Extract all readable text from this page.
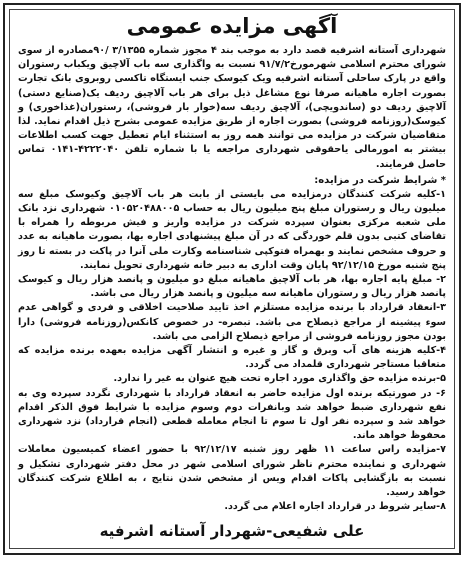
آگهی مزایده عمومی

شهرداری آستانه اشرفیه قصد دارد به موجب بند ۴ مجوز شماره ۳/۱۳۵۵ /۹۰مصادره از سوی شورای محترم اسلامی شهرمورخ۹۱/۷/۲ نسبت به واگذاری سه باب آلاچیق ویکباب رستوران واقع در پارک ساحلی آستانه اشرفیه ویک کیوسک جنب ایستگاه تاکسی روبروی بانک تجارت بصورت اجاره ماهیانه صرفا نوع مشاغل ذیل برای هر باب آلاچیق ردیف یک(صنایع دستی) آلاچیق ردیف دو (ساندویچی)، آلاچیق ردیف سه(خوار بار فروشی)، رستوران(غذاخوری) و کیوسک(روزنامه فروشی) بصورت اجاره از طریق مزایده عمومی بشرح ذیل اقدام نماید. لذا متقاضیان شرکت در مزایده می توانند همه روز به استثناء ایام تعطیل جهت کسب اطلاعات بیشتر به امورمالی یاحقوقی شهرداری مراجعه یا با شماره تلفن ۴۲۲۲۰۴۰-۰۱۴۱ تماس حاصل فرمایند.

* شرایط شرکت در مزایده:

۱-کلیه شرکت کنندگان درمزایده می بایستی از بابت هر باب آلاچیق وکیوسک مبلغ سه میلیون ریال و رستوران مبلغ پنج میلیون ریال به حساب ۰۱۰۵۲۰۴۸۸۰۰۵ شهرداری نزد بانک ملی شعبه مرکزی بعنوان سپرده شرکت در مزایده واریز و فیش مربوطه را همراه با تقاضای کتبی بدون قلم خوردگی که در آن مبلغ پیشنهادی اجاره بها، بصورت ماهیانه به عدد و حروف مشخص نمایند و بهمراه فتوکپی شناسنامه وکارت ملی آنرا در پاکت در بسته تا روز پنج شنبه مورخ ۹۲/۱۲/۱۵ پایان وقت اداری به دبیر خانه شهرداری تحویل نمایند.

۲- مبلغ پایه اجاره بها، هر باب آلاچیق ماهیانه مبلغ دو میلیون و پانصد هزار ریال و کیوسک پانصد هزار ریال و رستوران ماهیانه سه میلیون و پانصد هزار ریال می باشد.

۳-انعقاد قرارداد با برنده مزایده مستلزم اخذ تایید صلاحیت اخلاقی و فردی و گواهی عدم سوء پیشینه از مراجع ذیصلاح می باشد. تبصره- در خصوص کانکس(روزنامه فروشی) دارا بودن مجوز روزنامه فروشی از مراجع ذیصلاح الزامی می باشد.

۴-کلیه هزینه های آب وبرق و گاز و غیره و انتشار آگهی مزایده بعهده برنده مزایده که متعاقبا مستاجر شهرداری قلمداد می گردد.

۵-برنده مزایده حق واگذاری مورد اجاره تحت هیچ عنوان به غیر را ندارد.

۶- در صورتیکه برنده اول مزایده حاضر به انعقاد قرارداد با شهرداری نگردد سپرده وی به نفع شهرداری ضبط خواهد شد وبانفرات دوم وسوم مزایده با شرایط فوق الذکر اقدام خواهد شد و سپرده نفر اول تا سوم تا انجام معامله قطعی (انجام قرارداد) نزد شهرداری محفوظ خواهد ماند.

۷-مزایده راس ساعت ۱۱ ظهر روز شنبه ۹۲/۱۲/۱۷ با حضور اعضاء کمیسیون معاملات شهرداری و نماینده محترم ناظر شورای اسلامی شهر در محل دفتر شهرداری تشکیل و نسبت به بازگشایی پاکات اقدام ویس از مشخص شدن نتایج ، به اطلاع شرکت کنندگان خواهد رسید.

۸-سایر شروط در قرارداد اجاره اعلام می گردد.

علی شفیعی-شهردار آستانه اشرفیه
